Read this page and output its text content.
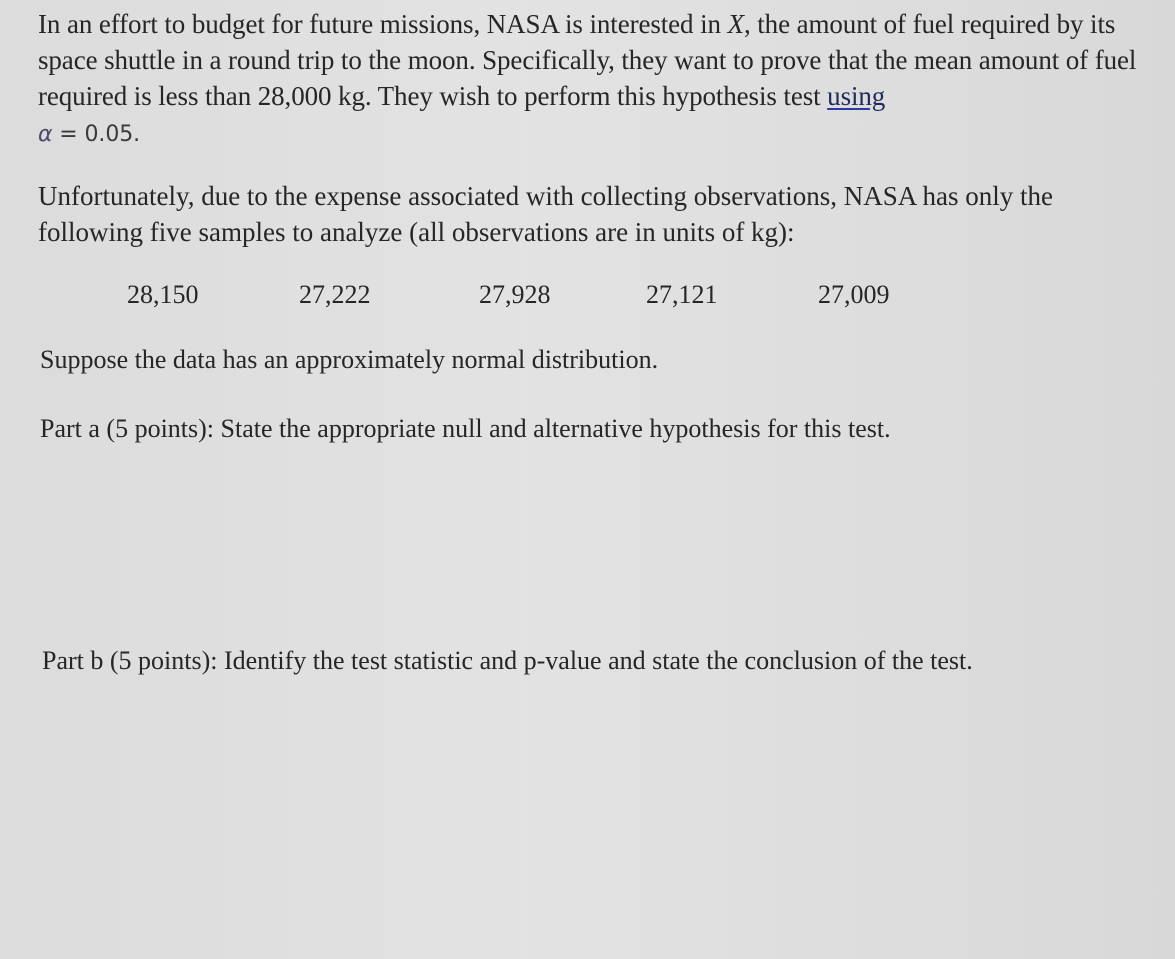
In an effort to budget for future missions, NASA is interested in X, the amount of fuel required by its space shuttle in a round trip to the moon. Specifically, they want to prove that the mean amount of fuel required is less than 28,000 kg. They wish to perform this hypothesis test using
α = 0.05.

Unfortunately, due to the expense associated with collecting observations, NASA has only the following five samples to analyze (all observations are in units of kg):

28,150	27,222	27,928	27,121	27,009

Suppose the data has an approximately normal distribution.

Part a (5 points): State the appropriate null and alternative hypothesis for this test.

Part b (5 points): Identify the test statistic and p-value and state the conclusion of the test.
